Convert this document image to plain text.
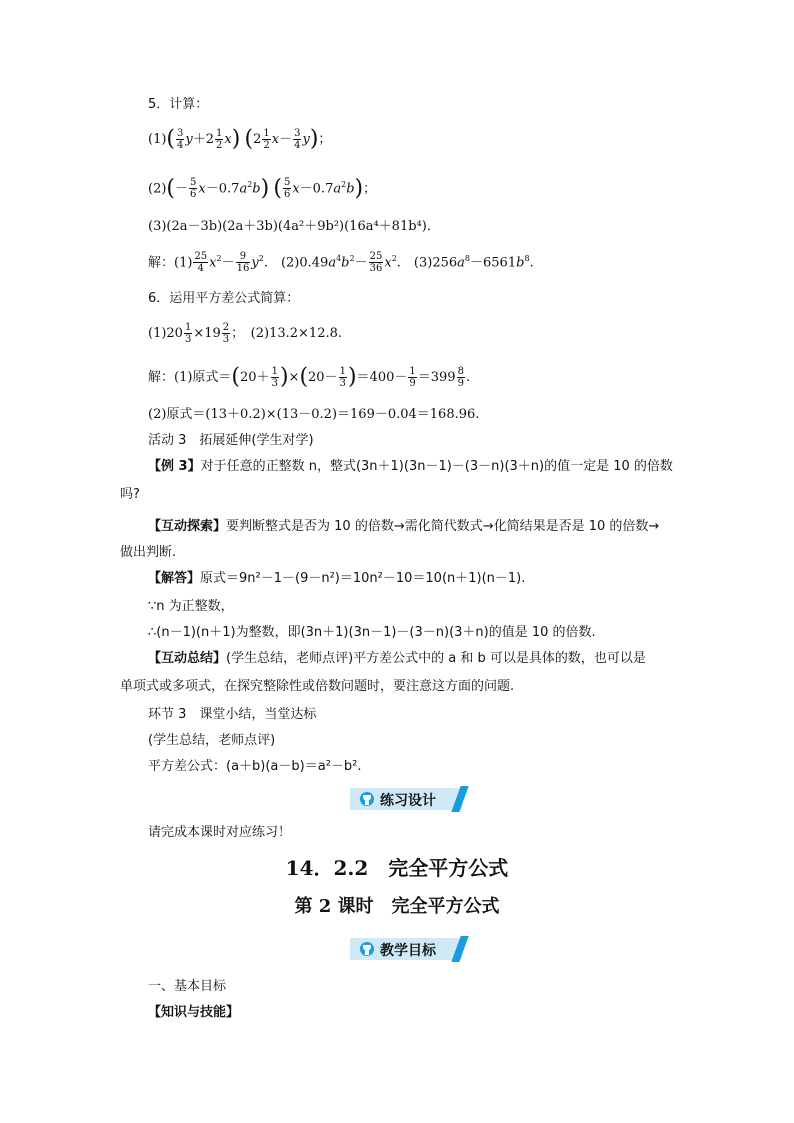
5．计算：
$(1)( \frac{3}{4} y+2 \frac{1}{2} x)$ $(2 \frac{1}{2} x- \frac{3}{4} y)$；
$(2)(- \frac{5}{6} x-0.7a^2b)$ ( $\frac{5}{6} x-0.7a^2b$)；
(3)(2a－3b)(2a＋3b)(4a²＋9b²)(16a⁴＋81b⁴)．
解：$(1) \frac{25}{4} x^2- \frac{9}{16} y^2$.　$(2)0.49a^4b^2- \frac{25}{36} x^2$.　$(3)256a^8-6561b^8$.
6．运用平方差公式简算：
$(1)20 \frac{1}{3} \times 19 \frac{2}{3}$ ；　(2)13.2×12.8.
解：(1)原式$=(20+ \frac{1}{3} )\times(20- \frac{1}{3} )=400- \frac{1}{9} =399 \frac{8}{9}$ .
(2)原式＝(13＋0.2)×(13－0.2)＝169－0.04＝168.96.
活动 3　拓展延伸(学生对学)
【例 3】对于任意的正整数 n，整式(3n＋1)(3n－1)－(3－n)(3＋n)的值一定是 10 的倍数
吗?
【互动探索】要判断整式是否为 10 的倍数→需化简代数式→化简结果是否是 10 的倍数→
做出判断.
【解答】原式＝9n²－1－(9－n²)＝10n²－10＝10(n＋1)(n－1).
∵n 为正整数，
∴(n－1)(n＋1)为整数，即(3n＋1)(3n－1)－(3－n)(3＋n)的值是 10 的倍数.
【互动总结】(学生总结，老师点评)平方差公式中的 a 和 b 可以是具体的数，也可以是
单项式或多项式，在探究整除性或倍数问题时，要注意这方面的问题.
环节 3　课堂小结，当堂达标
(学生总结，老师点评)
平方差公式：(a＋b)(a－b)＝a²－b².
练习设计
请完成本课时对应练习！
14．2.2　完全平方公式
第 2 课时　完全平方公式
教学目标
一、基本目标
【知识与技能】
